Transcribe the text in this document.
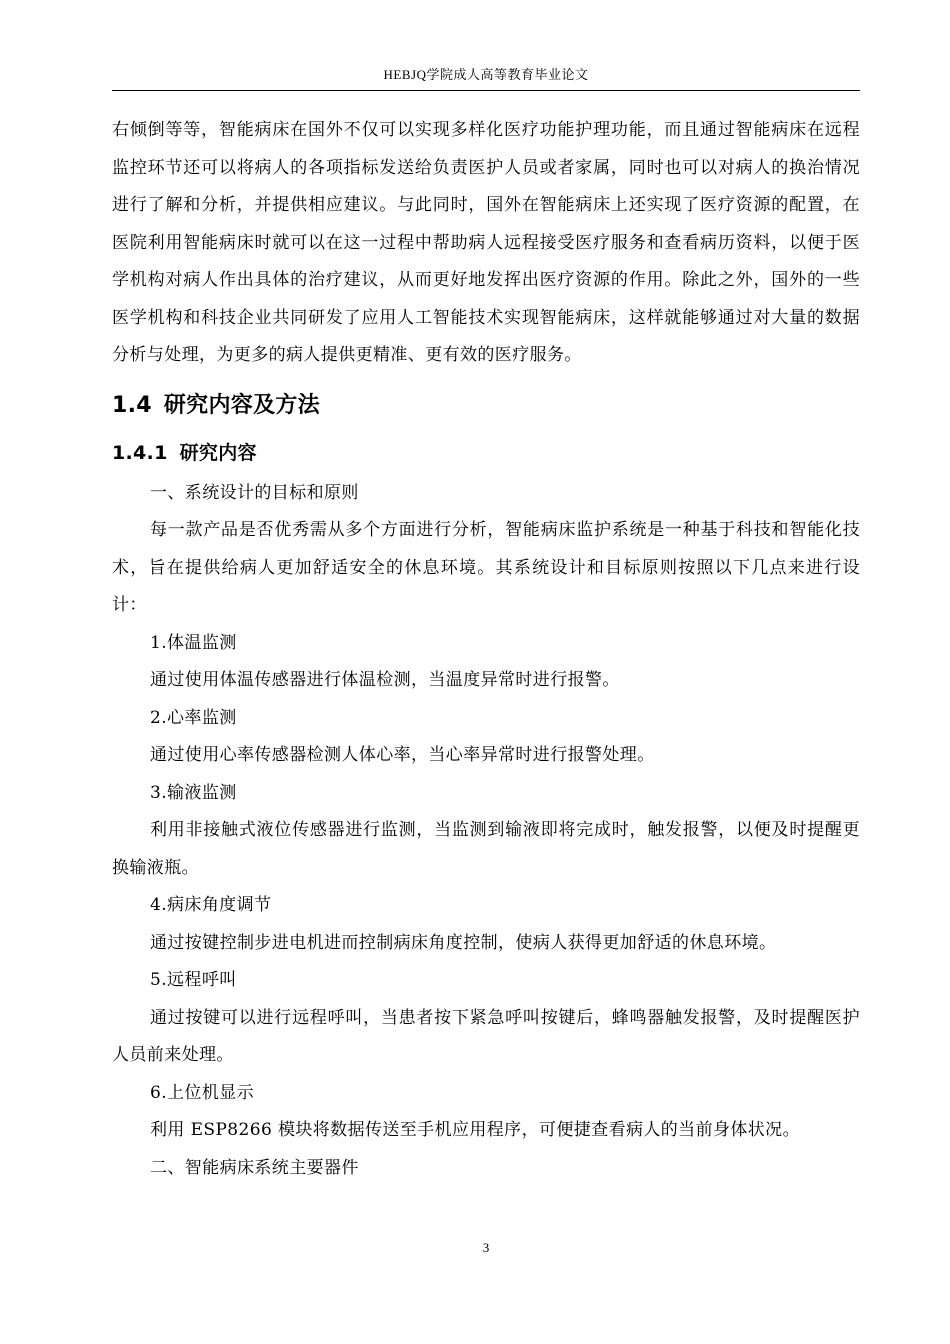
HEBJQ学院成人高等教育毕业论文

右倾倒等等，智能病床在国外不仅可以实现多样化医疗功能护理功能，而且通过智能病床在远程监控环节还可以将病人的各项指标发送给负责医护人员或者家属，同时也可以对病人的换治情况进行了解和分析，并提供相应建议。与此同时，国外在智能病床上还实现了医疗资源的配置，在医院利用智能病床时就可以在这一过程中帮助病人远程接受医疗服务和查看病历资料，以便于医学机构对病人作出具体的治疗建议，从而更好地发挥出医疗资源的作用。除此之外，国外的一些医学机构和科技企业共同研发了应用人工智能技术实现智能病床，这样就能够通过对大量的数据分析与处理，为更多的病人提供更精准、更有效的医疗服务。

1.4 研究内容及方法
1.4.1 研究内容

一、系统设计的目标和原则

每一款产品是否优秀需从多个方面进行分析，智能病床监护系统是一种基于科技和智能化技术，旨在提供给病人更加舒适安全的休息环境。其系统设计和目标原则按照以下几点来进行设计：

1.体温监测

通过使用体温传感器进行体温检测，当温度异常时进行报警。

2.心率监测

通过使用心率传感器检测人体心率，当心率异常时进行报警处理。

3.输液监测

利用非接触式液位传感器进行监测，当监测到输液即将完成时，触发报警，以便及时提醒更换输液瓶。

4.病床角度调节

通过按键控制步进电机进而控制病床角度控制，使病人获得更加舒适的休息环境。

5.远程呼叫

通过按键可以进行远程呼叫，当患者按下紧急呼叫按键后，蜂鸣器触发报警，及时提醒医护人员前来处理。

6.上位机显示

利用 ESP8266 模块将数据传送至手机应用程序，可便捷查看病人的当前身体状况。

二、智能病床系统主要器件

3
